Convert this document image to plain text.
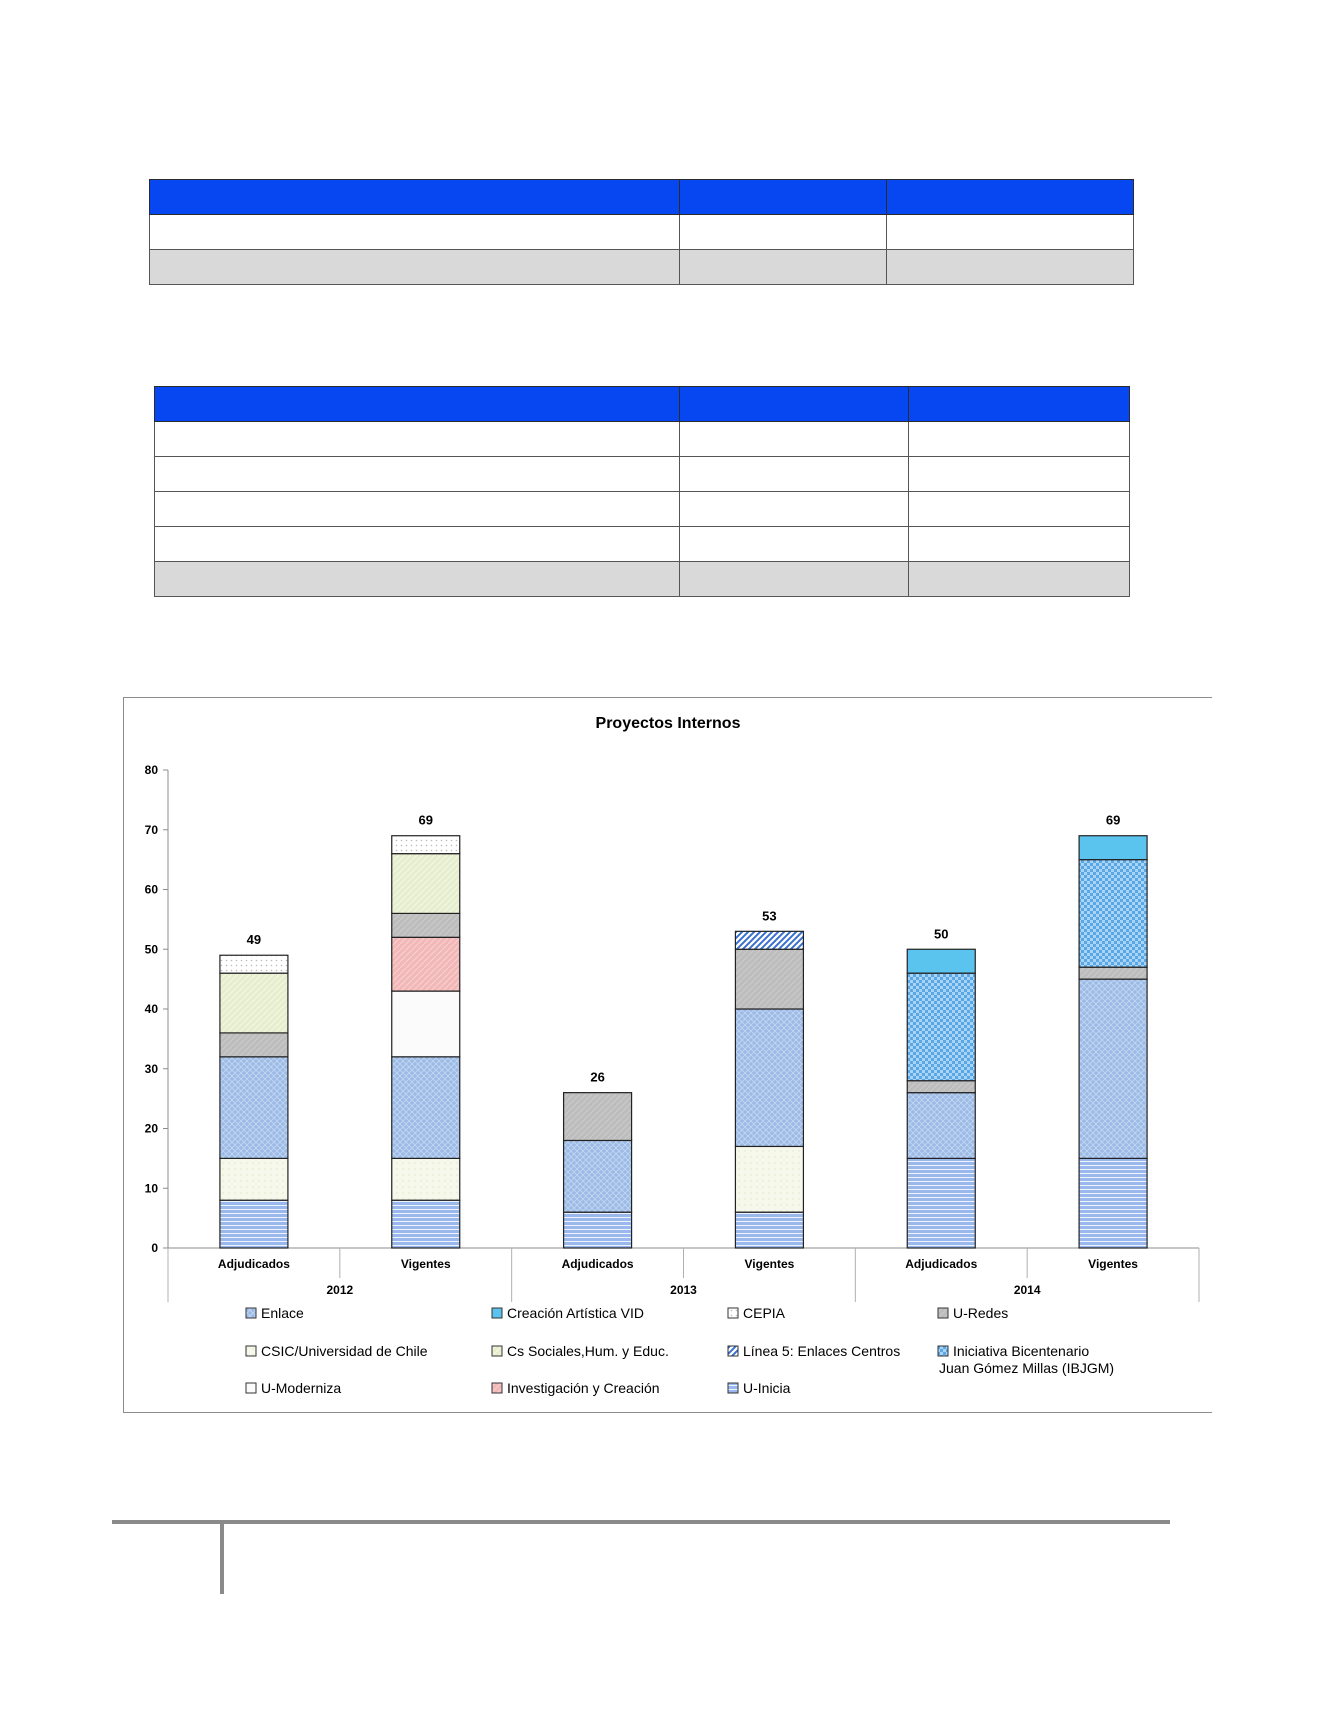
Proyectos Internos
0
10
20
30
40
50
60
70
80
Adjudicados	Vigentes	Adjudicados	Vigentes	Adjudicados	Vigentes
2012	2013	2014
49
69
26
53
50
69
Enlace	Creación Artística VID	CEPIA	U-Redes
CSIC/Universidad de Chile	Cs Sociales,Hum. y Educ.	Línea 5: Enlaces Centros	Iniciativa Bicentenario
Juan Gómez Millas (IBJGM)
U-Moderniza	Investigación y Creación	U-Inicia
